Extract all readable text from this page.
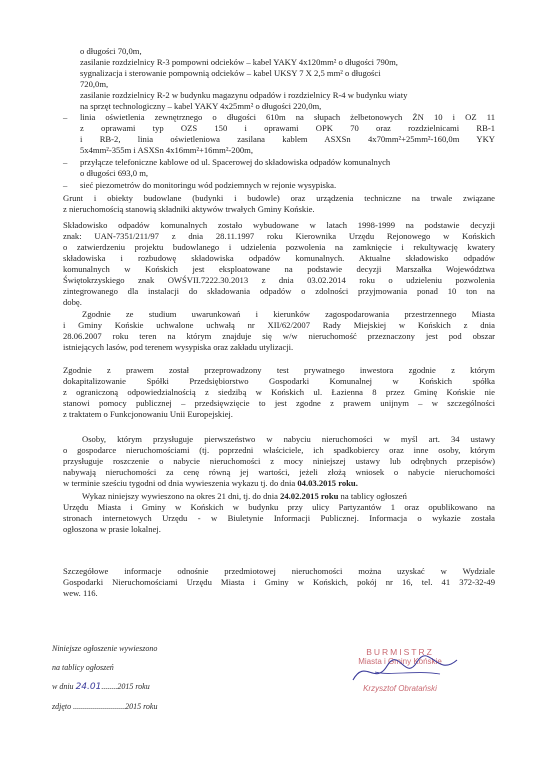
o długości 70,0m,
zasilanie rozdzielnicy R-3 pompowni odcieków – kabel YAKY 4x120mm² o długości 790m,
sygnalizacja i sterowanie pompownią odcieków – kabel UKSY 7 X 2,5 mm² o długości
720,0m,
zasilanie rozdzielnicy R-2 w budynku magazynu odpadów i rozdzielnicy R-4 w budynku wiaty
na sprzęt technologiczny – kabel YAKY 4x25mm² o długości 220,0m,
– linia oświetlenia zewnętrznego o długości 610m na słupach żelbetonowych ŻN 10 i OZ 11
z oprawami typ OZS 150 i oprawami OPK 70 oraz rozdzielnicami RB-1
i RB-2, linia oświetleniowa zasilana kablem ASXSn 4x70mm²+25mm²-160,0m YKY
5x4mm²-355m i ASXSn 4x16mm²+16mm²-200m,
– przyłącze telefoniczne kablowe od ul. Spacerowej do składowiska odpadów komunalnych
o długości 693,0 m,
– sieć piezometrów do monitoringu wód podziemnych w rejonie wysypiska.
Grunt i obiekty budowlane (budynki i budowle) oraz urządzenia techniczne na trwale związane
z nieruchomością stanowią składniki aktywów trwałych Gminy Końskie.
Składowisko odpadów komunalnych zostało wybudowane w latach 1998-1999 na podstawie decyzji
znak: UAN-7351/211/97 z dnia 28.11.1997 roku Kierownika Urzędu Rejonowego w Końskich
o zatwierdzeniu projektu budowlanego i udzielenia pozwolenia na zamknięcie i rekultywację kwatery
składowiska i rozbudowę składowiska odpadów komunalnych. Aktualne składowisko odpadów
komunalnych w Końskich jest eksploatowane na podstawie decyzji Marszałka Województwa
Świętokrzyskiego znak OWŚVII.7222.30.2013 z dnia 03.02.2014 roku o udzieleniu pozwolenia
zintegrowanego dla instalacji do składowania odpadów o zdolności przyjmowania ponad 10 ton na
dobę.
Zgodnie ze studium uwarunkowań i kierunków zagospodarowania przestrzennego Miasta
i Gminy Końskie uchwalone uchwałą nr XII/62/2007 Rady Miejskiej w Końskich z dnia
28.06.2007 roku teren na którym znajduje się w/w nieruchomość przeznaczony jest pod obszar
istniejących lasów, pod terenem wysypiska oraz zakładu utylizacji.
Zgodnie z prawem został przeprowadzony test prywatnego inwestora zgodnie z którym
dokapitalizowanie Spółki Przedsiębiorstwo Gospodarki Komunalnej w Końskich spółka
z ograniczoną odpowiedzialnością z siedzibą w Końskich ul. Łazienna 8 przez Gminę Końskie nie
stanowi pomocy publicznej – przedsięwzięcie to jest zgodne z prawem unijnym – w szczególności
z traktatem o Funkcjonowaniu Unii Europejskiej.
Osoby, którym przysługuje pierwszeństwo w nabyciu nieruchomości w myśl art. 34 ustawy
o gospodarce nieruchomościami (tj. poprzedni właściciele, ich spadkobiercy oraz inne osoby, którym
przysługuje roszczenie o nabycie nieruchomości z mocy niniejszej ustawy lub odrębnych przepisów)
nabywają nieruchomości za cenę równą jej wartości, jeżeli złożą wniosek o nabycie nieruchomości
w terminie sześciu tygodni od dnia wywieszenia wykazu tj. do dnia 04.03.2015 roku.
Wykaz niniejszy wywieszono na okres 21 dni, tj. do dnia 24.02.2015 roku na tablicy ogłoszeń
Urzędu Miasta i Gminy w Końskich w budynku przy ulicy Partyzantów 1 oraz opublikowano na
stronach internetowych Urzędu - w Biuletynie Informacji Publicznej. Informacja o wykazie została
ogłoszona w prasie lokalnej.
Szczegółowe informacje odnośnie przedmiotowej nieruchomości można uzyskać w Wydziale
Gospodarki Nieruchomościami Urzędu Miasta i Gminy w Końskich, pokój nr 16, tel. 41 372-32-49
wew. 116.
Niniejsze ogłoszenie wywieszono
na tablicy ogłoszeń
w dniu 24.01........2015 roku
zdjęto ..........................2015 roku
BURMISTRZ
Miasta i Gminy Końskie
Krzysztof Obratański
